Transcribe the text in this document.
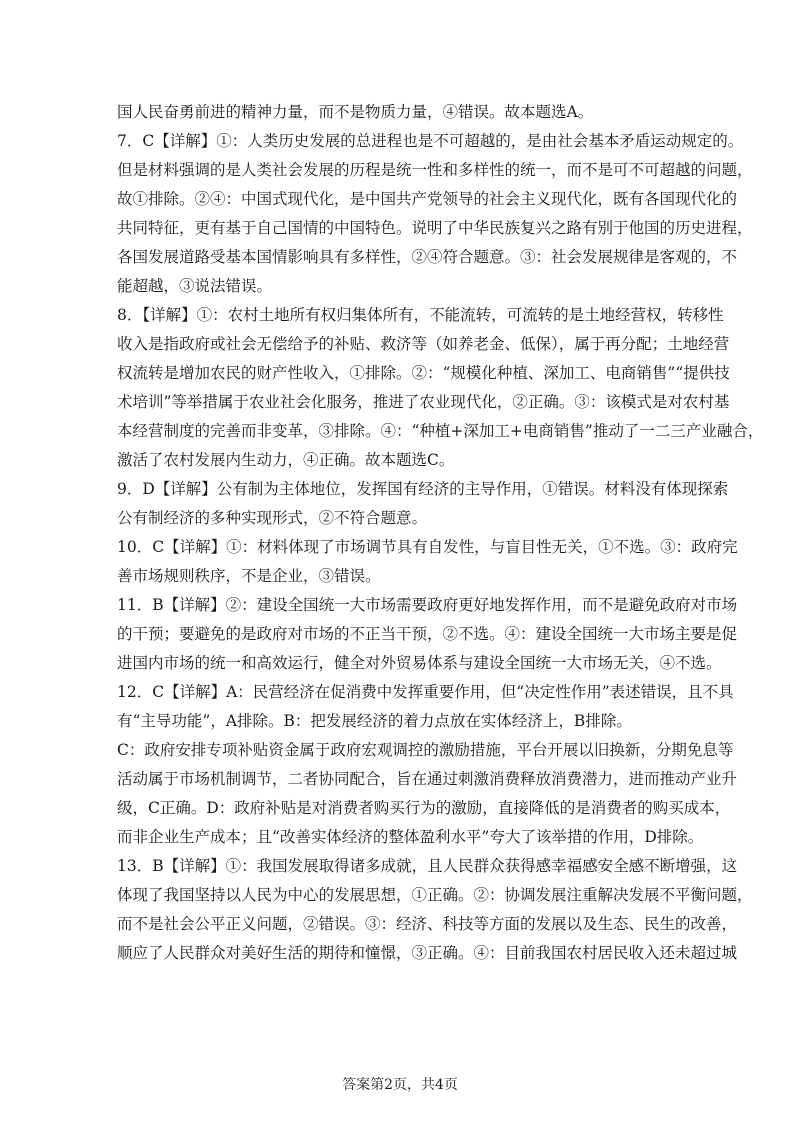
国人民奋勇前进的精神力量，而不是物质力量，④错误。故本题选A。
7．C【详解】①：人类历史发展的总进程也是不可超越的，是由社会基本矛盾运动规定的。
但是材料强调的是人类社会发展的历程是统一性和多样性的统一，而不是可不可超越的问题，
故①排除。②④：中国式现代化，是中国共产党领导的社会主义现代化，既有各国现代化的
共同特征，更有基于自己国情的中国特色。说明了中华民族复兴之路有别于他国的历史进程，
各国发展道路受基本国情影响具有多样性，②④符合题意。③：社会发展规律是客观的，不
能超越，③说法错误。
8．【详解】①：农村土地所有权归集体所有，不能流转，可流转的是土地经营权，转移性
收入是指政府或社会无偿给予的补贴、救济等（如养老金、低保），属于再分配；土地经营
权流转是增加农民的财产性收入，①排除。②：“规模化种植、深加工、电商销售”“提供技
术培训”等举措属于农业社会化服务，推进了农业现代化，②正确。③：该模式是对农村基
本经营制度的完善而非变革，③排除。④：“种植+深加工+电商销售”推动了一二三产业融合，
激活了农村发展内生动力，④正确。故本题选C。
9．D【详解】公有制为主体地位，发挥国有经济的主导作用，①错误。材料没有体现探索
公有制经济的多种实现形式，②不符合题意。
10．C【详解】①：材料体现了市场调节具有自发性，与盲目性无关，①不选。③：政府完
善市场规则秩序，不是企业，③错误。
11．B【详解】②：建设全国统一大市场需要政府更好地发挥作用，而不是避免政府对市场
的干预；要避免的是政府对市场的不正当干预，②不选。④：建设全国统一大市场主要是促
进国内市场的统一和高效运行，健全对外贸易体系与建设全国统一大市场无关，④不选。
12．C【详解】A：民营经济在促消费中发挥重要作用，但“决定性作用”表述错误，且不具
有“主导功能”，A排除。B：把发展经济的着力点放在实体经济上，B排除。
C：政府安排专项补贴资金属于政府宏观调控的激励措施，平台开展以旧换新，分期免息等
活动属于市场机制调节，二者协同配合，旨在通过刺激消费释放消费潜力，进而推动产业升
级，C正确。D：政府补贴是对消费者购买行为的激励，直接降低的是消费者的购买成本，
而非企业生产成本；且“改善实体经济的整体盈利水平”夸大了该举措的作用，D排除。
13．B【详解】①：我国发展取得诸多成就，且人民群众获得感幸福感安全感不断增强，这
体现了我国坚持以人民为中心的发展思想，①正确。②：协调发展注重解决发展不平衡问题，
而不是社会公平正义问题，②错误。③：经济、科技等方面的发展以及生态、民生的改善，
顺应了人民群众对美好生活的期待和憧憬，③正确。④：目前我国农村居民收入还未超过城
答案第2页，共4页
